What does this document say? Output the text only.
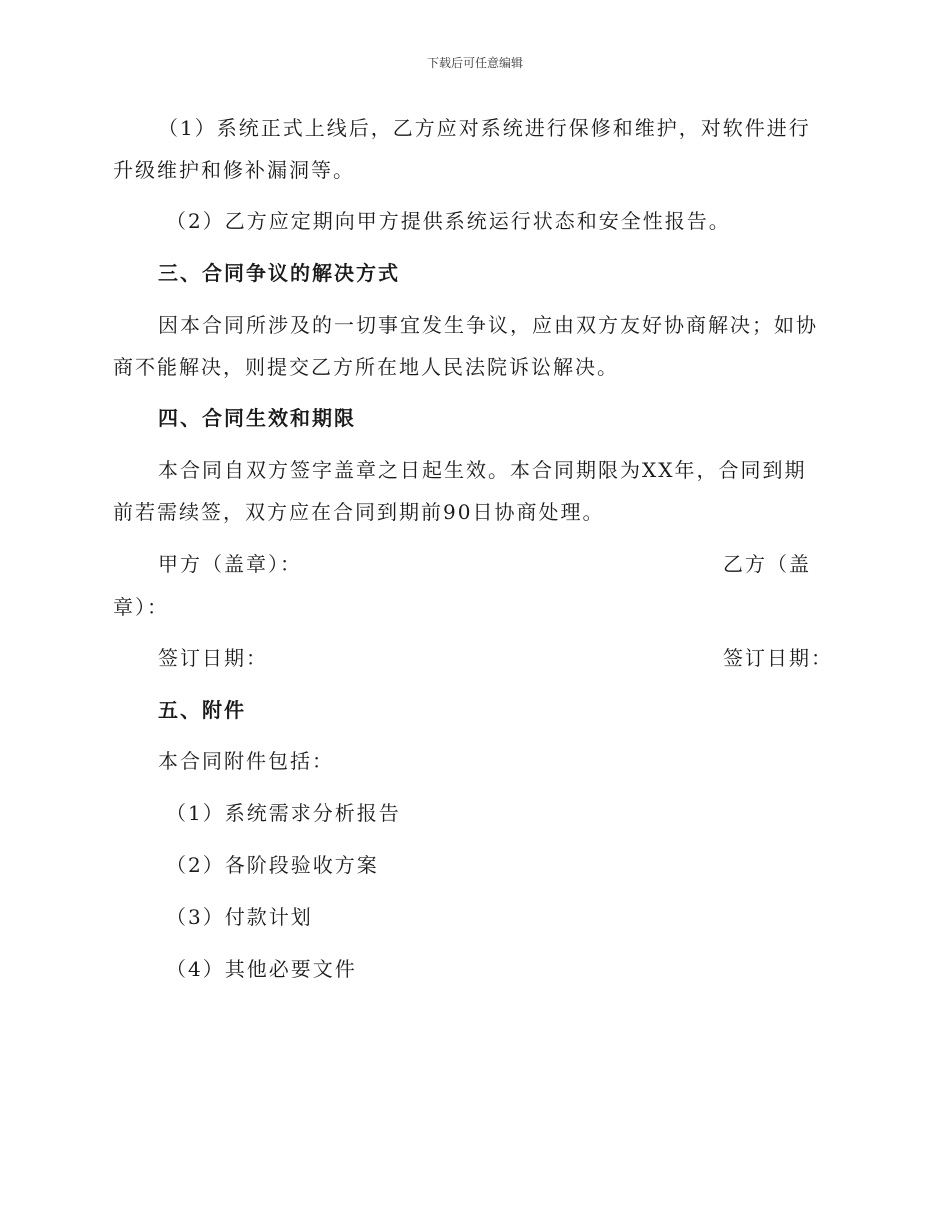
下载后可任意编辑

（1）系统正式上线后，乙方应对系统进行保修和维护，对软件进行升级维护和修补漏洞等。

（2）乙方应定期向甲方提供系统运行状态和安全性报告。
三、合同争议的解决方式

因本合同所涉及的一切事宜发生争议，应由双方友好协商解决；如协商不能解决，则提交乙方所在地人民法院诉讼解决。

四、合同生效和期限

本合同自双方签字盖章之日起生效。本合同期限为XX年，合同到期前若需续签，双方应在合同到期前90日协商处理。

甲方（盖章）：	乙方（盖
章）：
签订日期：	签订日期：
五、附件
本合同附件包括：
（1）系统需求分析报告
（2）各阶段验收方案
（3）付款计划
（4）其他必要文件
